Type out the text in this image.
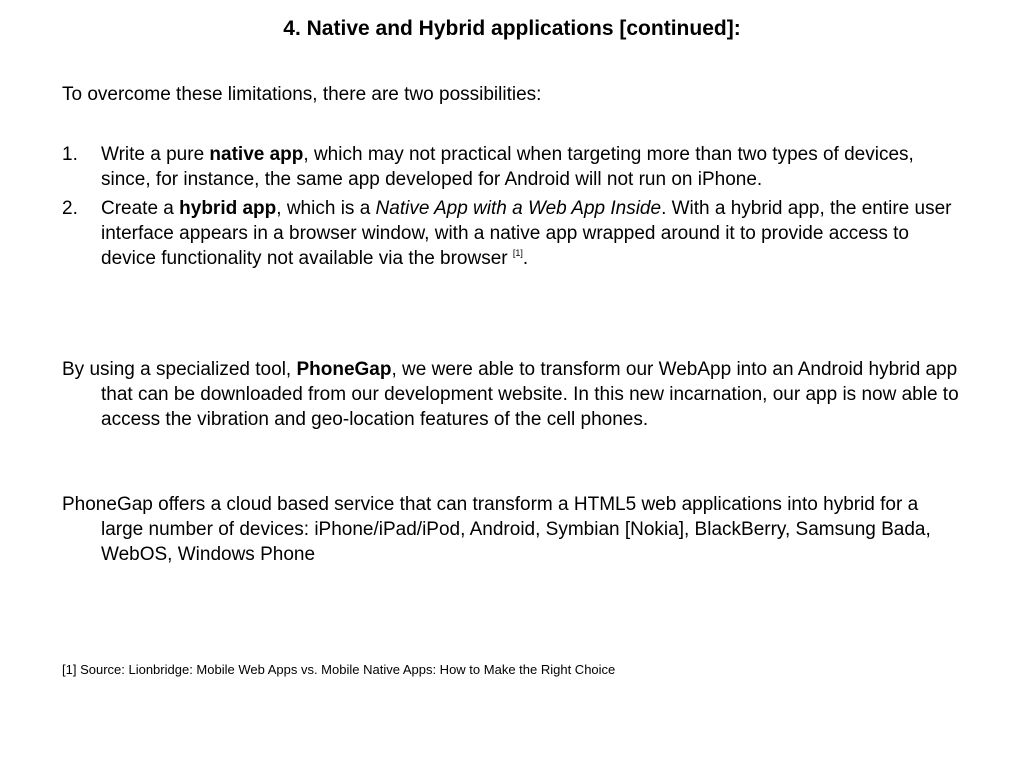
4. Native and Hybrid applications [continued]:
To overcome these limitations, there are two possibilities:
1. Write a pure native app, which may not practical when targeting more than two types of devices, since, for instance, the same app developed for Android will not run on iPhone.
2. Create a hybrid app, which is a Native App with a Web App Inside. With a hybrid app, the entire user interface appears in a browser window, with a native app wrapped around it to provide access to device functionality not available via the browser [1].
By using a specialized tool, PhoneGap, we were able to transform our WebApp into an Android hybrid app that can be downloaded from our development website. In this new incarnation, our app is now able to access the vibration and geo-location features of the cell phones.
PhoneGap offers a cloud based service that can transform a HTML5 web applications into hybrid for a large number of devices: iPhone/iPad/iPod, Android, Symbian [Nokia], BlackBerry, Samsung Bada, WebOS, Windows Phone
[1] Source: Lionbridge: Mobile Web Apps vs. Mobile Native Apps: How to Make the Right Choice
